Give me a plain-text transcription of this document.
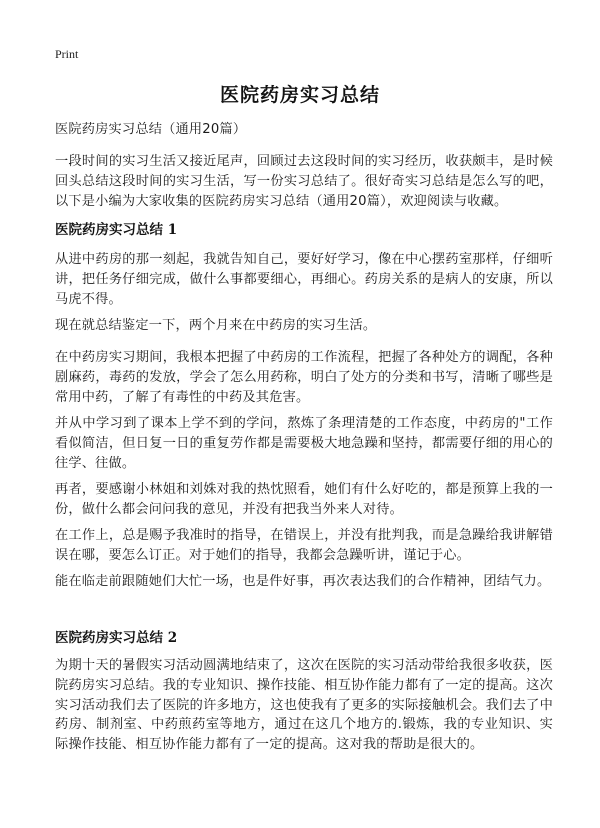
Print
医院药房实习总结
医院药房实习总结（通用20篇）
一段时间的实习生活又接近尾声，回顾过去这段时间的实习经历，收获颇丰，是时候回头总结这段时间的实习生活，写一份实习总结了。很好奇实习总结是怎么写的吧，以下是小编为大家收集的医院药房实习总结（通用20篇），欢迎阅读与收藏。
医院药房实习总结 1
从进中药房的那一刻起，我就告知自己，要好好学习，像在中心摆药室那样，仔细听讲，把任务仔细完成，做什么事都要细心，再细心。药房关系的是病人的安康，所以马虎不得。
现在就总结鉴定一下，两个月来在中药房的实习生活。
在中药房实习期间，我根本把握了中药房的工作流程，把握了各种处方的调配，各种剧麻药，毒药的发放，学会了怎么用药称，明白了处方的分类和书写，清晰了哪些是常用中药，了解了有毒性的中药及其危害。
并从中学习到了课本上学不到的学问，熬炼了条理清楚的工作态度，中药房的"工作看似简洁，但日复一日的重复劳作都是需要极大地急躁和坚持，都需要仔细的用心的往学、往做。
再者，要感谢小林姐和刘姝对我的热忱照看，她们有什么好吃的，都是预算上我的一份，做什么都会问问我的意见，并没有把我当外来人对待。
在工作上，总是赐予我准时的指导，在错误上，并没有批判我，而是急躁给我讲解错误在哪，要怎么订正。对于她们的指导，我都会急躁听讲，谨记于心。
能在临走前跟随她们大忙一场，也是件好事，再次表达我们的合作精神，团结气力。
医院药房实习总结 2
为期十天的暑假实习活动圆满地结束了，这次在医院的实习活动带给我很多收获，医院药房实习总结。我的专业知识、操作技能、相互协作能力都有了一定的提高。这次实习活动我们去了医院的许多地方，这也使我有了更多的实际接触机会。我们去了中药房、制剂室、中药煎药室等地方，通过在这几个地方的.锻炼，我的专业知识、实际操作技能、相互协作能力都有了一定的提高。这对我的帮助是很大的。
